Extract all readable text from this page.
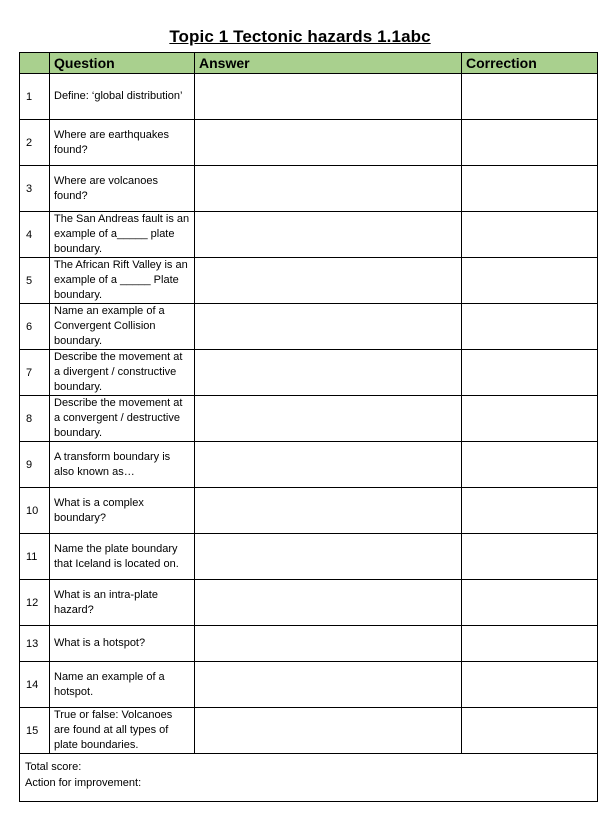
Topic 1 Tectonic hazards 1.1abc
	Question	Answer	Correction
1	Define: ‘global distribution’		
2	Where are earthquakes found?		
3	Where are volcanoes found?		
4	The San Andreas fault is an example of a_____ plate boundary.		
5	The African Rift Valley is an example of a _____ Plate boundary.		
6	Name an example of a Convergent Collision boundary.		
7	Describe the movement at a divergent / constructive boundary.		
8	Describe the movement at a convergent / destructive boundary.		
9	A transform boundary is also known as…		
10	What is a complex boundary?		
11	Name the plate boundary that Iceland is located on.		
12	What is an intra-plate hazard?		
13	What is a hotspot?		
14	Name an example of a hotspot.		
15	True or false: Volcanoes are found at all types of plate boundaries.		

Total score:
Action for improvement:			
